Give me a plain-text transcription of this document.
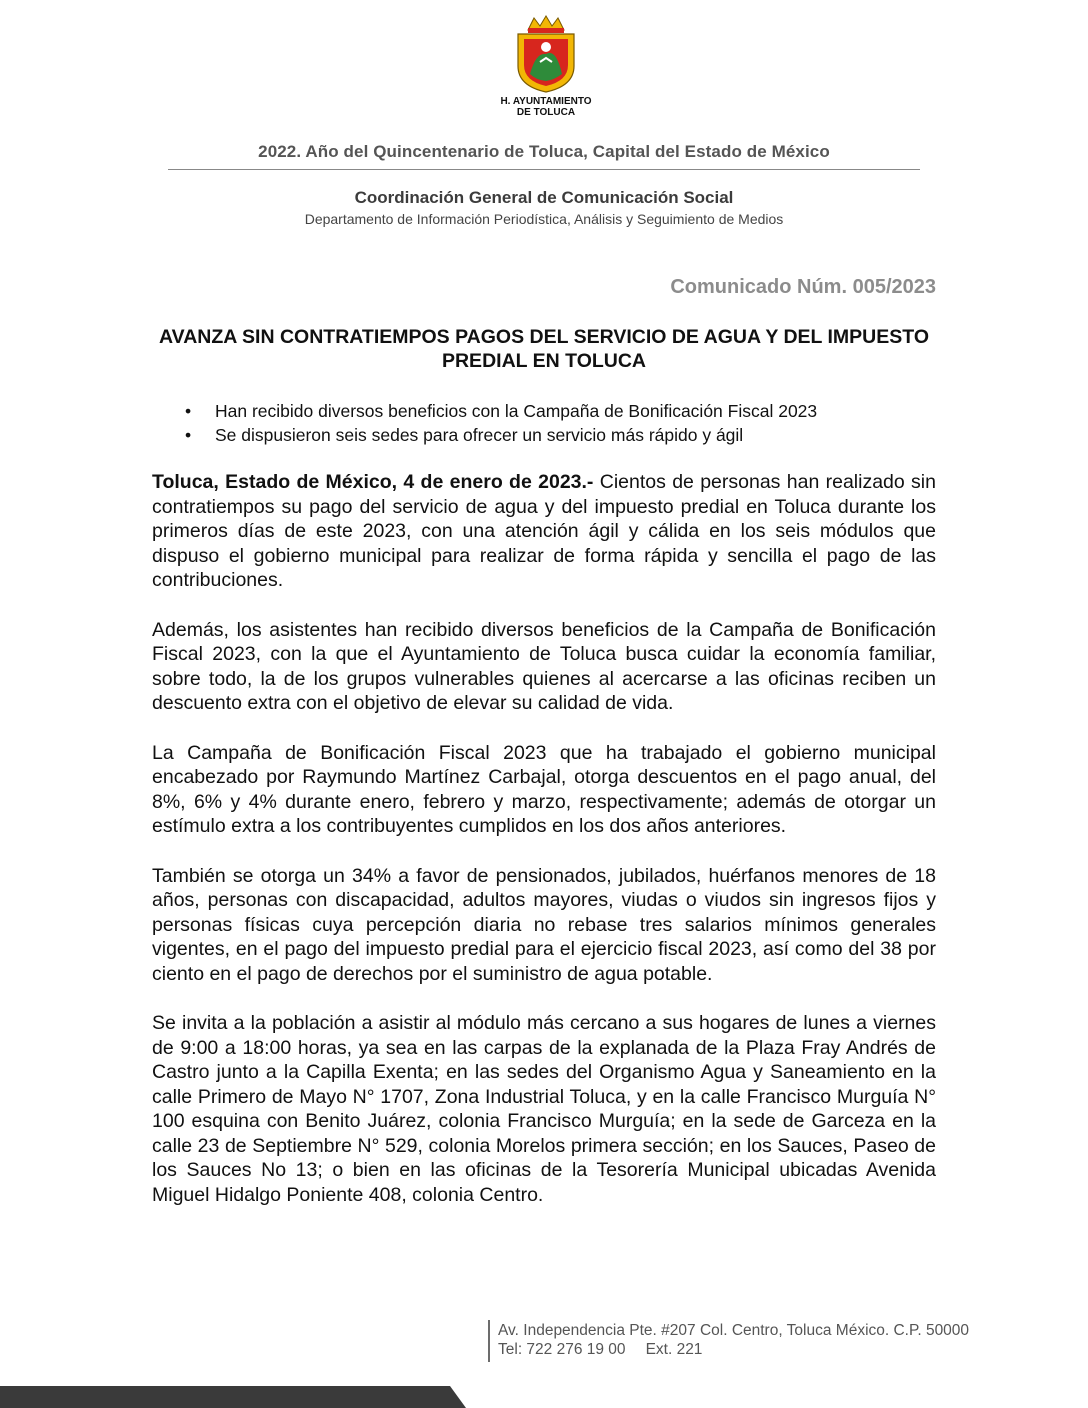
H. AYUNTAMIENTO
DE TOLUCA
2022. Año del Quincentenario de Toluca, Capital del Estado de México
Coordinación General de Comunicación Social
Departamento de Información Periodística, Análisis y Seguimiento de Medios
Comunicado Núm. 005/2023
AVANZA SIN CONTRATIEMPOS PAGOS DEL SERVICIO DE AGUA Y DEL IMPUESTO PREDIAL EN TOLUCA
• Han recibido diversos beneficios con la Campaña de Bonificación Fiscal 2023
• Se dispusieron seis sedes para ofrecer un servicio más rápido y ágil

Toluca, Estado de México, 4 de enero de 2023.- Cientos de personas han realizado sin contratiempos su pago del servicio de agua y del impuesto predial en Toluca durante los primeros días de este 2023, con una atención ágil y cálida en los seis módulos que dispuso el gobierno municipal para realizar de forma rápida y sencilla el pago de las contribuciones.

Además, los asistentes han recibido diversos beneficios de la Campaña de Bonificación Fiscal 2023, con la que el Ayuntamiento de Toluca busca cuidar la economía familiar, sobre todo, la de los grupos vulnerables quienes al acercarse a las oficinas reciben un descuento extra con el objetivo de elevar su calidad de vida.

La Campaña de Bonificación Fiscal 2023 que ha trabajado el gobierno municipal encabezado por Raymundo Martínez Carbajal, otorga descuentos en el pago anual, del 8%, 6% y 4% durante enero, febrero y marzo, respectivamente; además de otorgar un estímulo extra a los contribuyentes cumplidos en los dos años anteriores.

También se otorga un 34% a favor de pensionados, jubilados, huérfanos menores de 18 años, personas con discapacidad, adultos mayores, viudas o viudos sin ingresos fijos y personas físicas cuya percepción diaria no rebase tres salarios mínimos generales vigentes, en el pago del impuesto predial para el ejercicio fiscal 2023, así como del 38 por ciento en el pago de derechos por el suministro de agua potable.

Se invita a la población a asistir al módulo más cercano a sus hogares de lunes a viernes de 9:00 a 18:00 horas, ya sea en las carpas de la explanada de la Plaza Fray Andrés de Castro junto a la Capilla Exenta; en las sedes del Organismo Agua y Saneamiento en la calle Primero de Mayo N° 1707, Zona Industrial Toluca, y en la calle Francisco Murguía N° 100 esquina con Benito Juárez, colonia Francisco Murguía; en la sede de Garceza en la calle 23 de Septiembre N° 529, colonia Morelos primera sección; en los Sauces, Paseo de los Sauces No 13; o bien en las oficinas de la Tesorería Municipal ubicadas Avenida Miguel Hidalgo Poniente 408, colonia Centro.

Av. Independencia Pte. #207 Col. Centro, Toluca México. C.P. 50000
Tel: 722 276 19 00 Ext. 221
